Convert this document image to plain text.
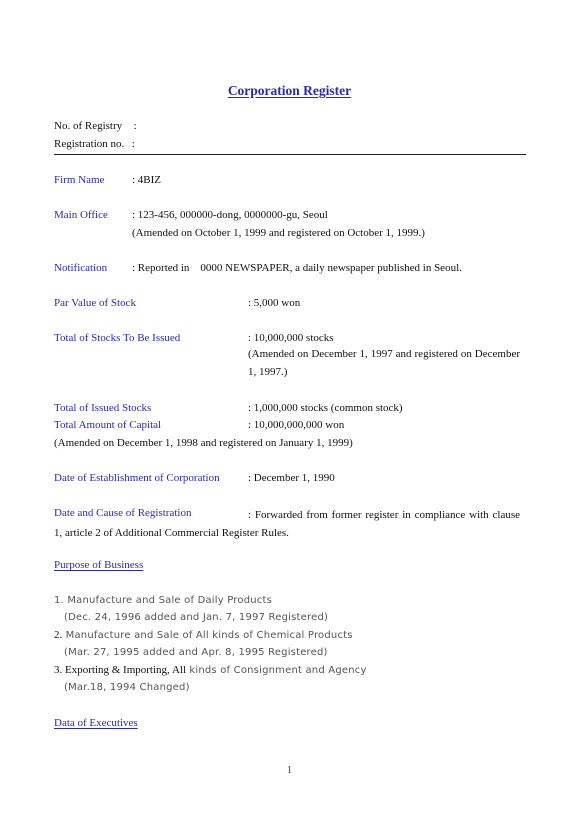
Corporation Register
No. of Registry :
Registration no. :
Firm Name	: 4BIZ
Main Office : 123-456, 000000-dong, 0000000-gu, Seoul
(Amended on October 1, 1999 and registered on October 1, 1999.)
Notification : Reported in    0000 NEWSPAPER, a daily newspaper published in Seoul.
Par Value of Stock	: 5,000 won
Total of Stocks To Be Issued	: 10,000,000 stocks
(Amended on December 1, 1997 and registered on December 1, 1997.)
Total of Issued Stocks	: 1,000,000 stocks (common stock)
Total Amount of Capital	: 10,000,000,000 won
(Amended on December 1, 1998 and registered on January 1, 1999)
Date of Establishment of Corporation	: December 1, 1990
Date and Cause of Registration	: Forwarded from former register in compliance with clause 1, article 2 of Additional Commercial Register Rules.
Purpose of Business
1. Manufacture and Sale of Daily Products
(Dec. 24, 1996 added and Jan. 7, 1997 Registered)
2. Manufacture and Sale of All kinds of Chemical Products
(Mar. 27, 1995 added and Apr. 8, 1995 Registered)
3. Exporting & Importing, All kinds of Consignment and Agency
(Mar.18, 1994 Changed)
Data of Executives
1
